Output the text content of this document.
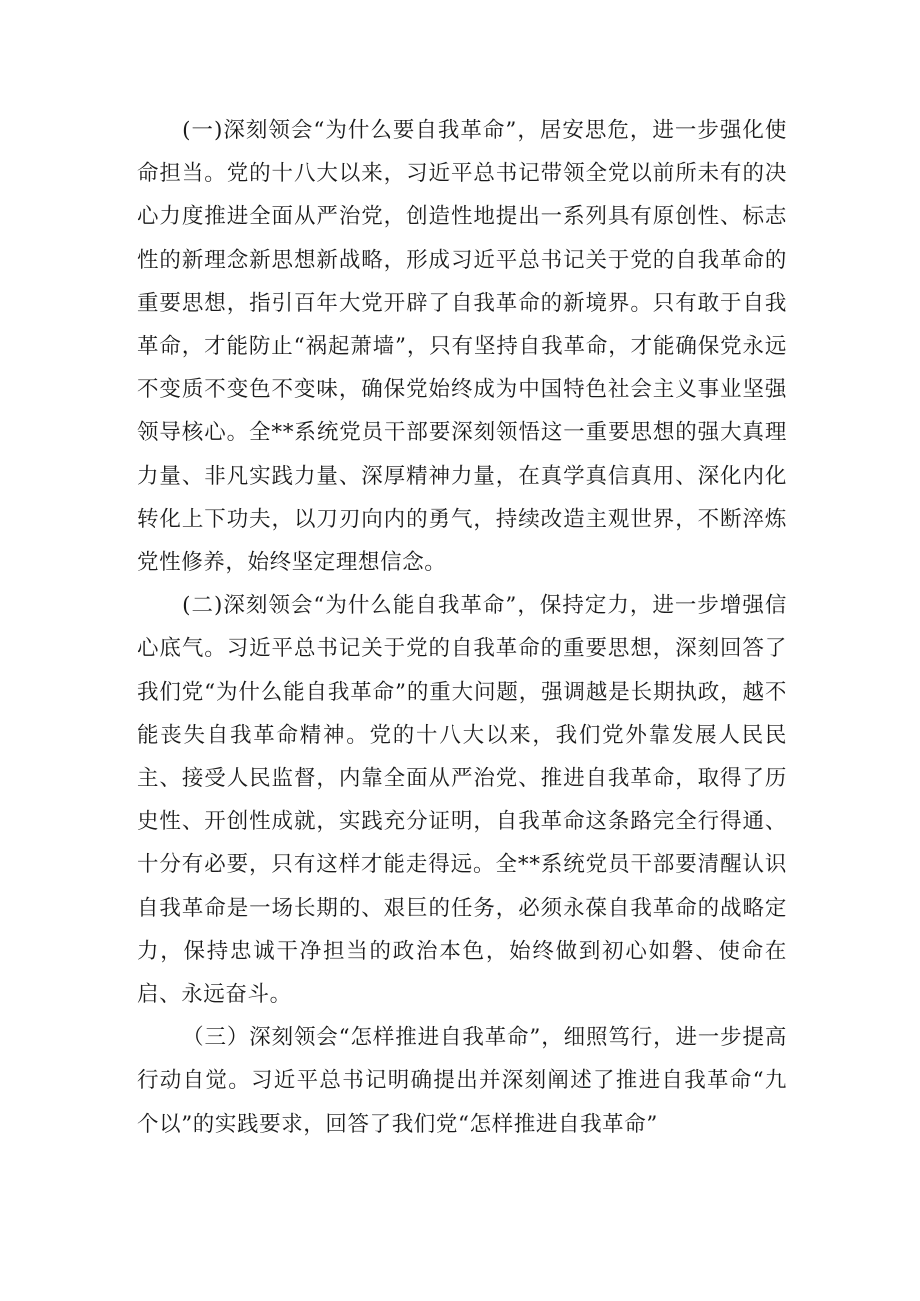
(一)深刻领会“为什么要自我革命”，居安思危，进一步强化使命担当。党的十八大以来，习近平总书记带领全党以前所未有的决心力度推进全面从严治党，创造性地提出一系列具有原创性、标志性的新理念新思想新战略，形成习近平总书记关于党的自我革命的重要思想，指引百年大党开辟了自我革命的新境界。只有敢于自我革命，才能防止“祸起萧墙”，只有坚持自我革命，才能确保党永远不变质不变色不变味，确保党始终成为中国特色社会主义事业坚强领导核心。全**系统党员干部要深刻领悟这一重要思想的强大真理力量、非凡实践力量、深厚精神力量，在真学真信真用、深化内化转化上下功夫，以刀刃向内的勇气，持续改造主观世界，不断淬炼党性修养，始终坚定理想信念。

(二)深刻领会“为什么能自我革命”，保持定力，进一步增强信心底气。习近平总书记关于党的自我革命的重要思想，深刻回答了我们党“为什么能自我革命”的重大问题，强调越是长期执政，越不能丧失自我革命精神。党的十八大以来，我们党外靠发展人民民主、接受人民监督，内靠全面从严治党、推进自我革命，取得了历史性、开创性成就，实践充分证明，自我革命这条路完全行得通、十分有必要，只有这样才能走得远。全**系统党员干部要清醒认识自我革命是一场长期的、艰巨的任务，必须永葆自我革命的战略定力，保持忠诚干净担当的政治本色，始终做到初心如磐、使命在启、永远奋斗。

（三）深刻领会“怎样推进自我革命”，细照笃行，进一步提高行动自觉。习近平总书记明确提出并深刻阐述了推进自我革命“九个以”的实践要求，回答了我们党“怎样推进自我革命”
